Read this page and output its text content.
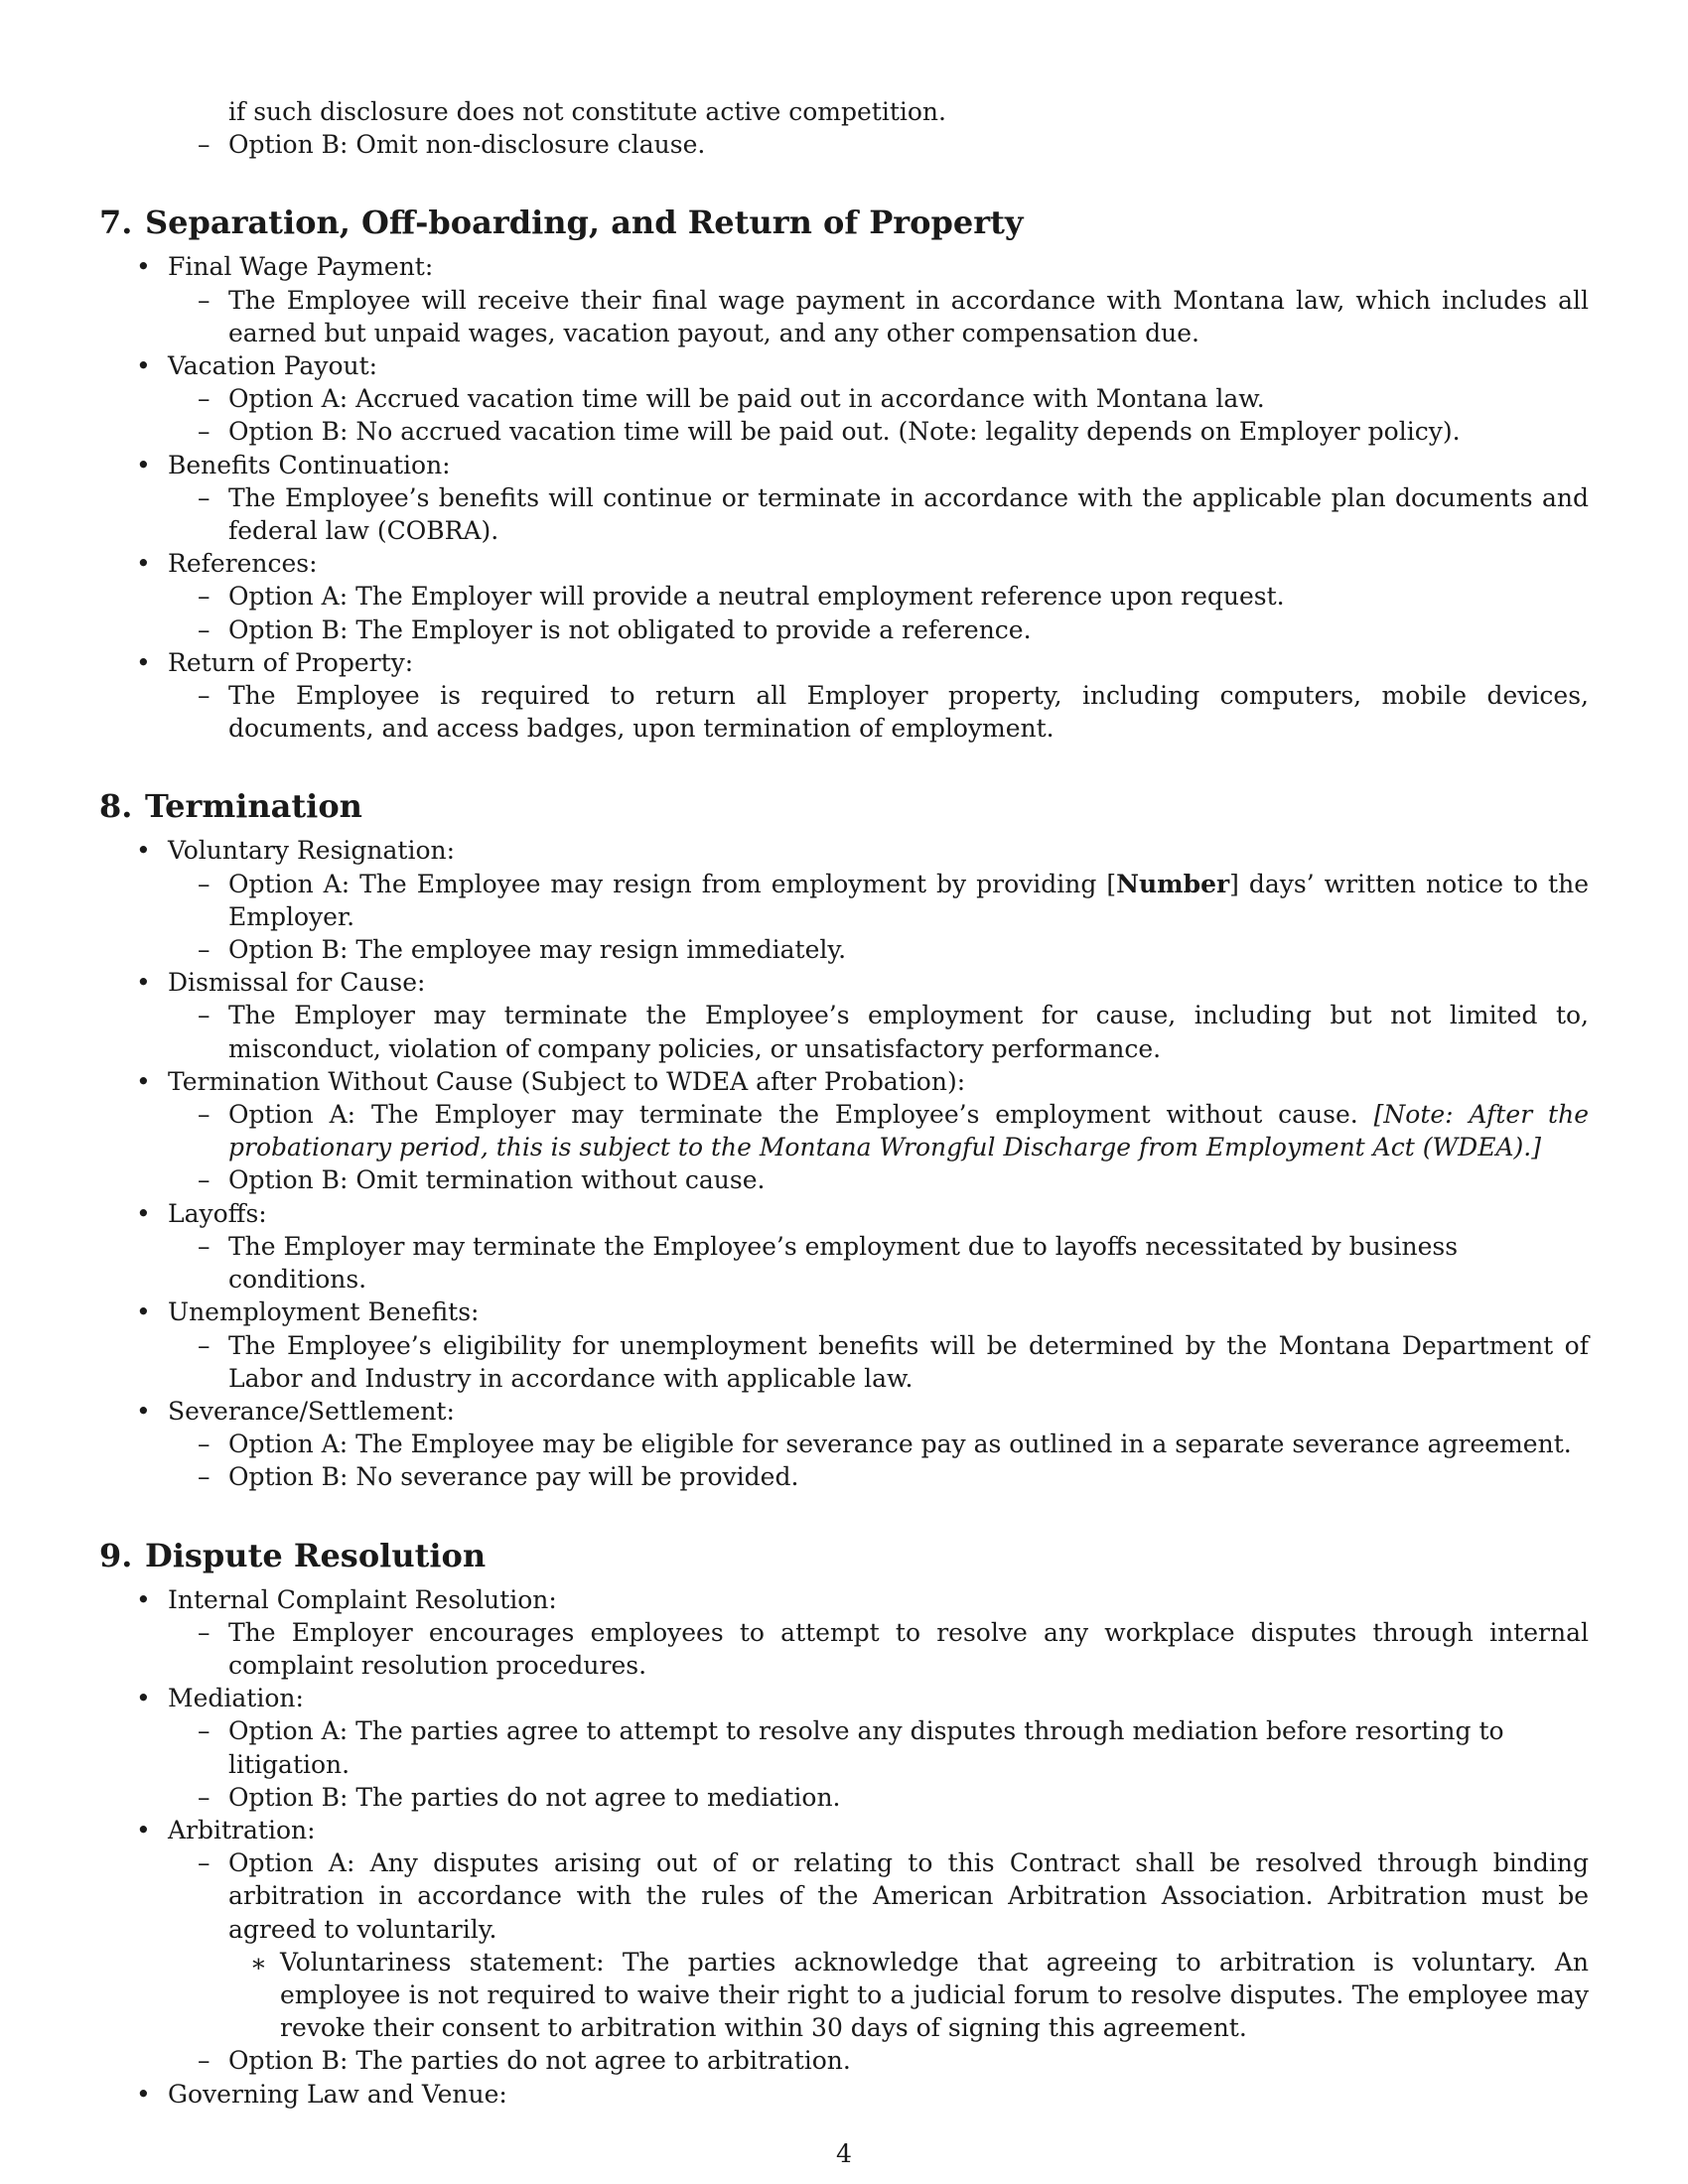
if such disclosure does not constitute active competition.
– Option B: Omit non-disclosure clause.
7. Separation, Off-boarding, and Return of Property
• Final Wage Payment:
– The Employee will receive their final wage payment in accordance with Montana law, which includes all earned but unpaid wages, vacation payout, and any other compensation due.
• Vacation Payout:
– Option A: Accrued vacation time will be paid out in accordance with Montana law.
– Option B: No accrued vacation time will be paid out. (Note: legality depends on Employer policy).
• Benefits Continuation:
– The Employee’s benefits will continue or terminate in accordance with the applicable plan documents and federal law (COBRA).
• References:
– Option A: The Employer will provide a neutral employment reference upon request.
– Option B: The Employer is not obligated to provide a reference.
• Return of Property:
– The Employee is required to return all Employer property, including computers, mobile devices, documents, and access badges, upon termination of employment.
8. Termination
• Voluntary Resignation:
– Option A: The Employee may resign from employment by providing [Number] days’ written notice to the Employer.
– Option B: The employee may resign immediately.
• Dismissal for Cause:
– The Employer may terminate the Employee’s employment for cause, including but not limited to, misconduct, violation of company policies, or unsatisfactory performance.
• Termination Without Cause (Subject to WDEA after Probation):
– Option A: The Employer may terminate the Employee’s employment without cause. [Note: After the probationary period, this is subject to the Montana Wrongful Discharge from Employment Act (WDEA).]
– Option B: Omit termination without cause.
• Layoffs:
– The Employer may terminate the Employee’s employment due to layoffs necessitated by business conditions.
• Unemployment Benefits:
– The Employee’s eligibility for unemployment benefits will be determined by the Montana Department of Labor and Industry in accordance with applicable law.
• Severance/Settlement:
– Option A: The Employee may be eligible for severance pay as outlined in a separate severance agreement.
– Option B: No severance pay will be provided.
9. Dispute Resolution
• Internal Complaint Resolution:
– The Employer encourages employees to attempt to resolve any workplace disputes through internal complaint resolution procedures.
• Mediation:
– Option A: The parties agree to attempt to resolve any disputes through mediation before resorting to litigation.
– Option B: The parties do not agree to mediation.
• Arbitration:
– Option A: Any disputes arising out of or relating to this Contract shall be resolved through binding arbitration in accordance with the rules of the American Arbitration Association. Arbitration must be agreed to voluntarily.
∗ Voluntariness statement: The parties acknowledge that agreeing to arbitration is voluntary. An employee is not required to waive their right to a judicial forum to resolve disputes. The employee may revoke their consent to arbitration within 30 days of signing this agreement.
– Option B: The parties do not agree to arbitration.
• Governing Law and Venue:
4
